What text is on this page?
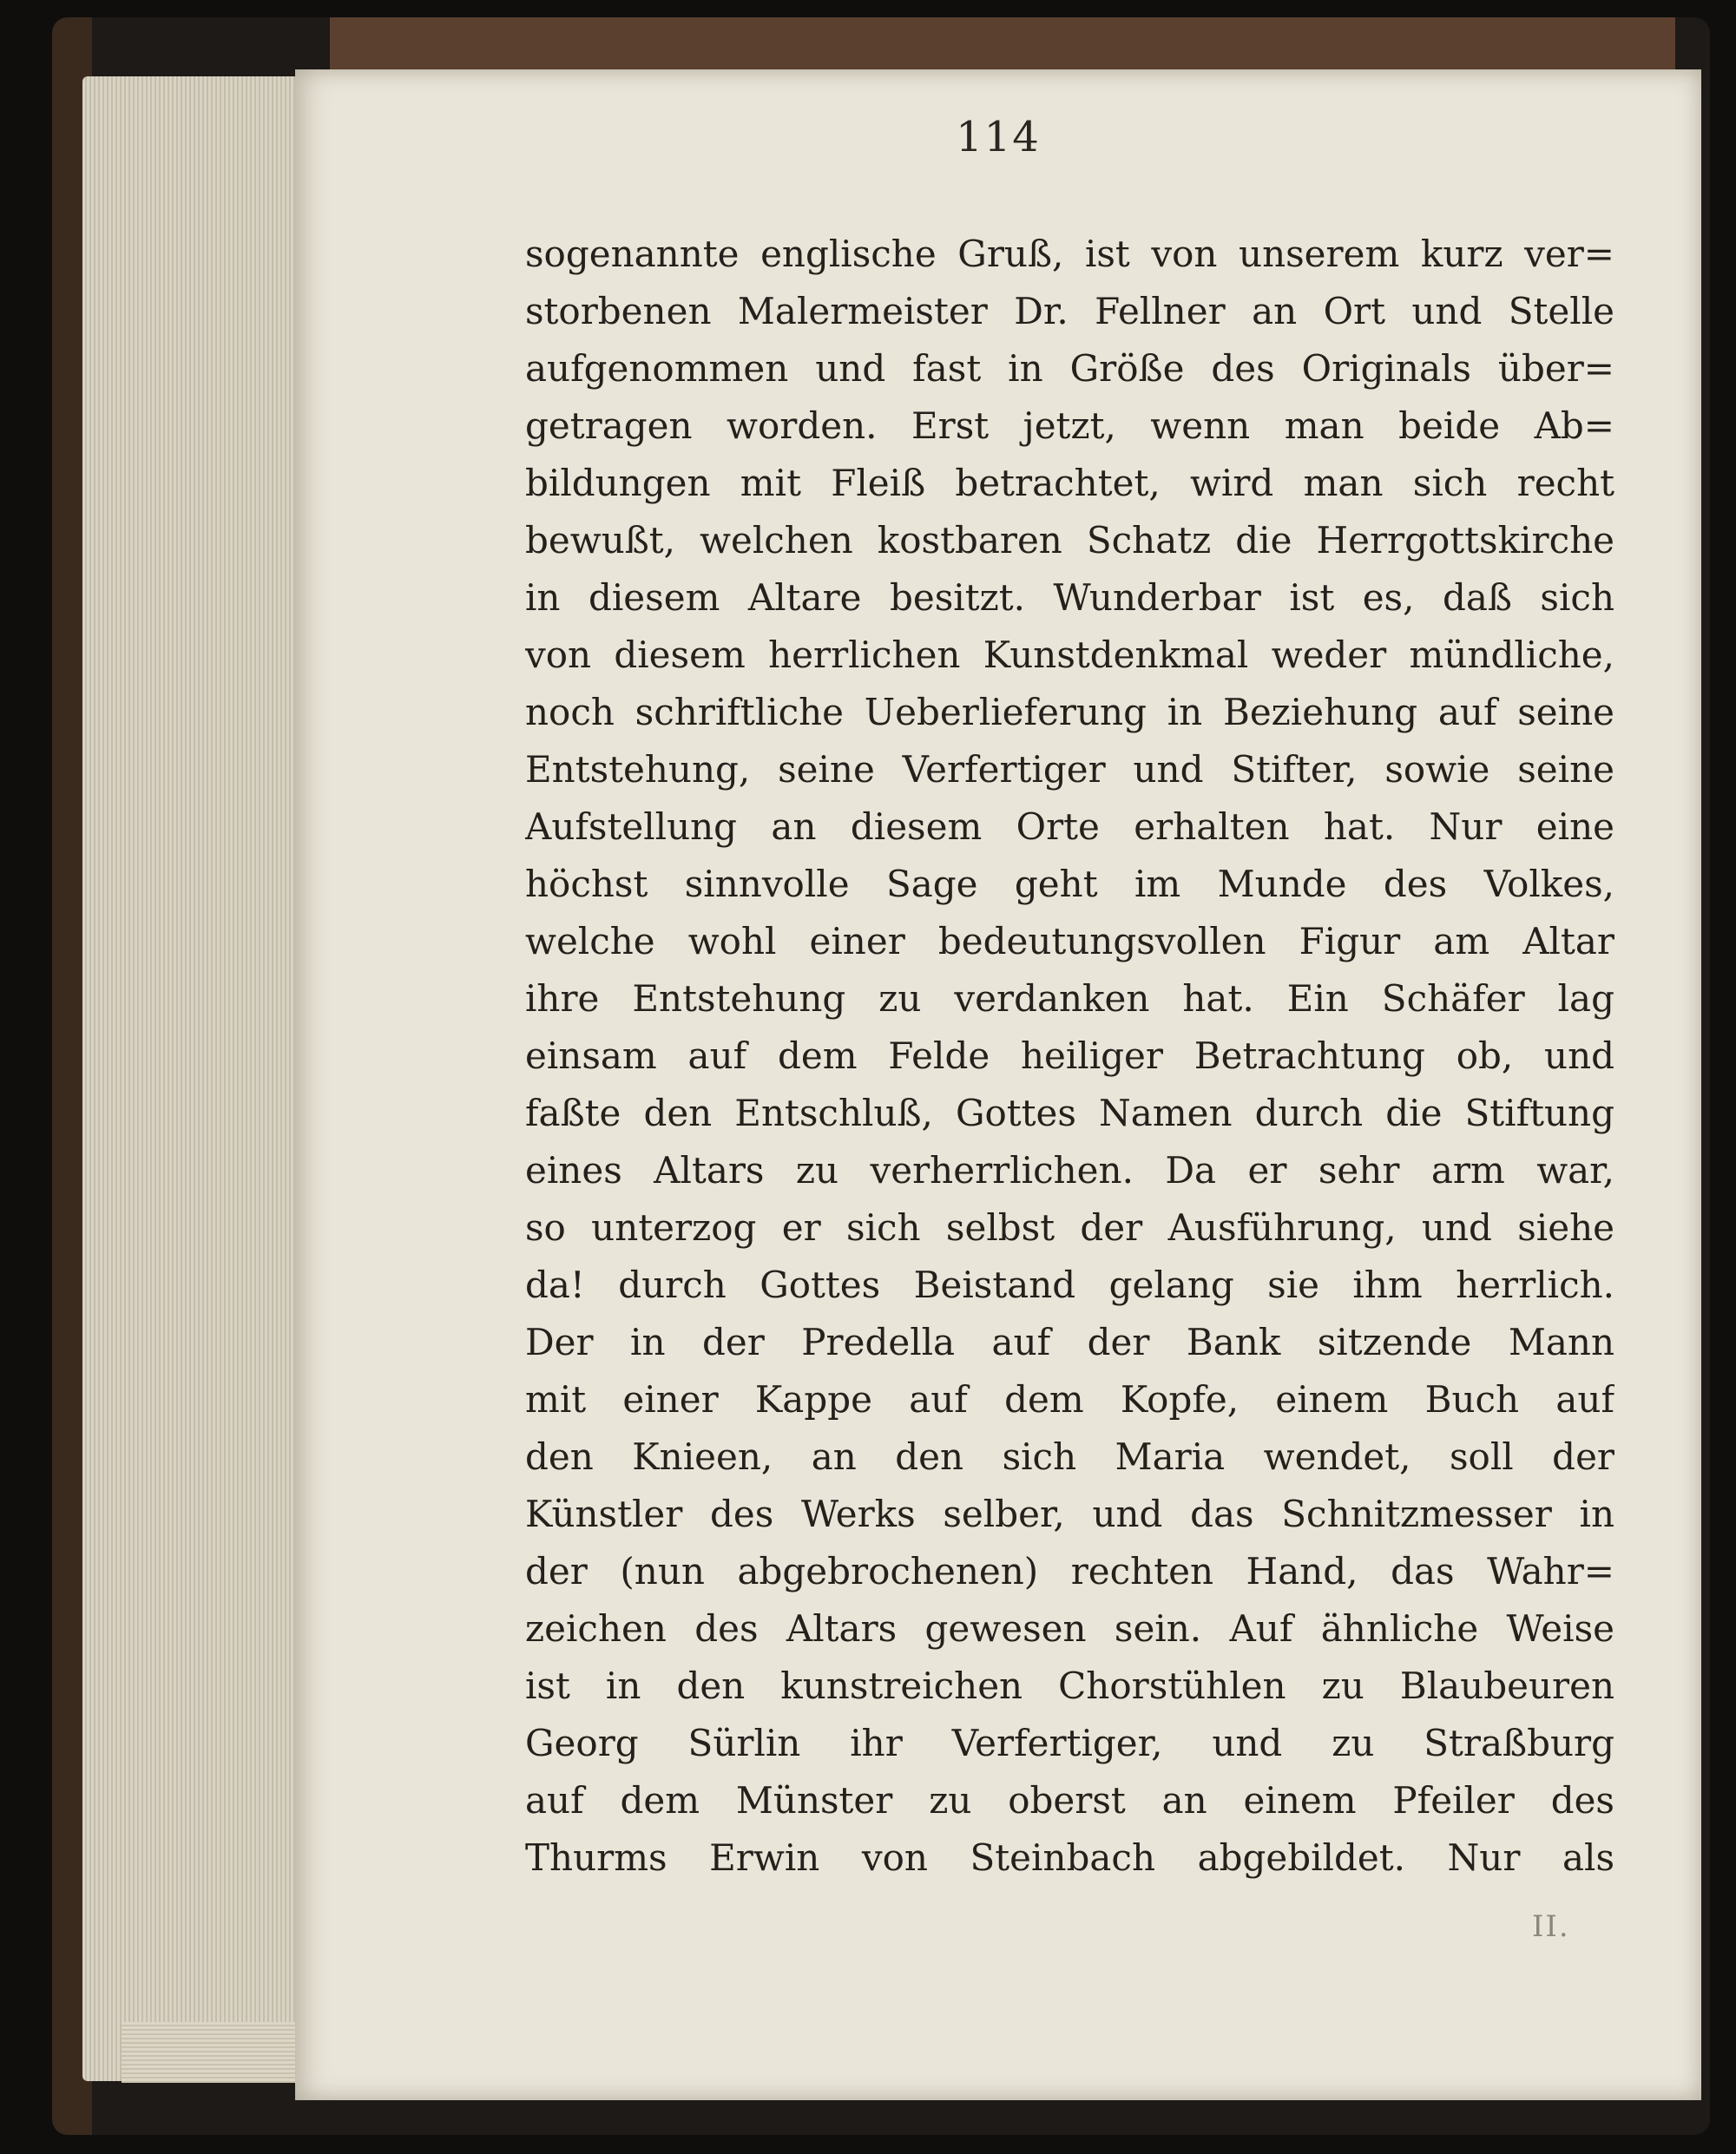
114
sogenannte englische Gruß, ist von unserem kurz ver=
storbenen Malermeister Dr. Fellner an Ort und Stelle
aufgenommen und fast in Größe des Originals über=
getragen worden. Erst jetzt, wenn man beide Ab=
bildungen mit Fleiß betrachtet, wird man sich recht
bewußt, welchen kostbaren Schatz die Herrgottskirche
in diesem Altare besitzt. Wunderbar ist es, daß sich
von diesem herrlichen Kunstdenkmal weder mündliche,
noch schriftliche Ueberlieferung in Beziehung auf seine
Entstehung, seine Verfertiger und Stifter, sowie seine
Aufstellung an diesem Orte erhalten hat. Nur eine
höchst sinnvolle Sage geht im Munde des Volkes,
welche wohl einer bedeutungsvollen Figur am Altar
ihre Entstehung zu verdanken hat. Ein Schäfer lag
einsam auf dem Felde heiliger Betrachtung ob, und
faßte den Entschluß, Gottes Namen durch die Stiftung
eines Altars zu verherrlichen. Da er sehr arm war,
so unterzog er sich selbst der Ausführung, und siehe
da! durch Gottes Beistand gelang sie ihm herrlich.
Der in der Predella auf der Bank sitzende Mann
mit einer Kappe auf dem Kopfe, einem Buch auf
den Knieen, an den sich Maria wendet, soll der
Künstler des Werks selber, und das Schnitzmesser in
der (nun abgebrochenen) rechten Hand, das Wahr=
zeichen des Altars gewesen sein. Auf ähnliche Weise
ist in den kunstreichen Chorstühlen zu Blaubeuren
Georg Sürlin ihr Verfertiger, und zu Straßburg
auf dem Münster zu oberst an einem Pfeiler des
Thurms Erwin von Steinbach abgebildet. Nur als
II.
